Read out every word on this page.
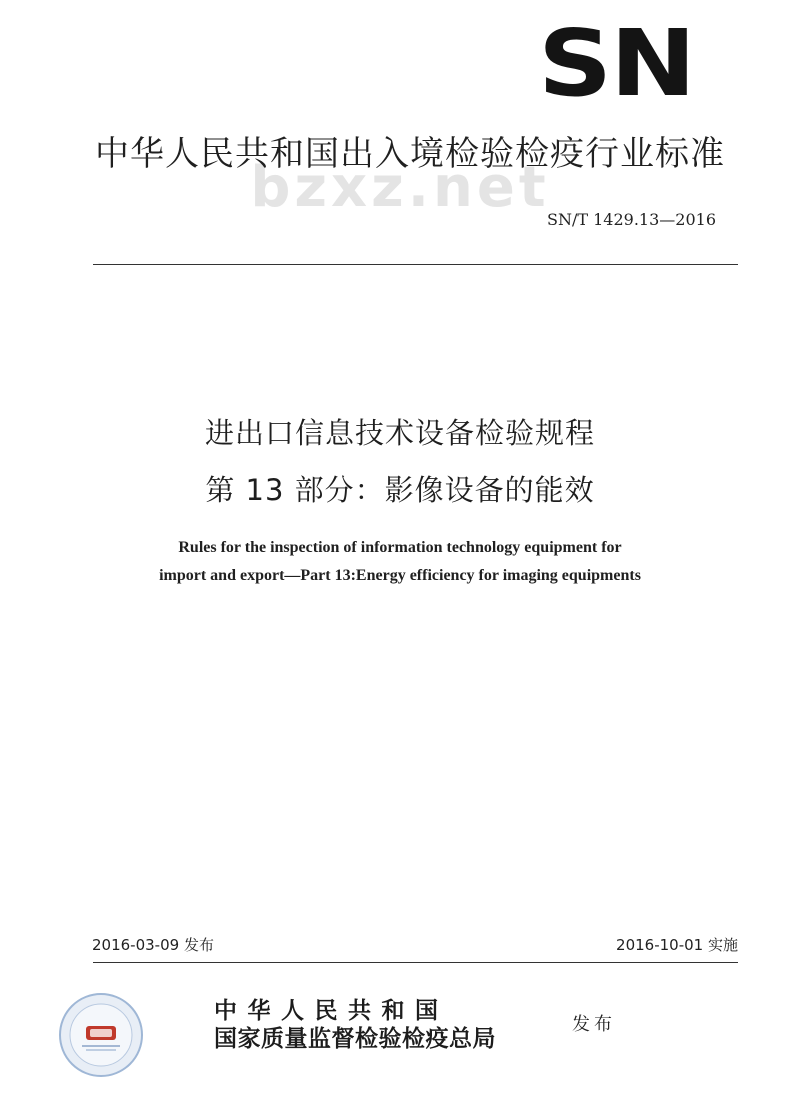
SN
bzxz.net
中华人民共和国出入境检验检疫行业标准
SN/T 1429.13—2016
进出口信息技术设备检验规程
第 13 部分：影像设备的能效
Rules for the inspection of information technology equipment for
import and export—Part 13:Energy efficiency for imaging equipments
2016-03-09 发布	2016-10-01 实施
中华人民共和国
国家质量监督检验检疫总局
发布
